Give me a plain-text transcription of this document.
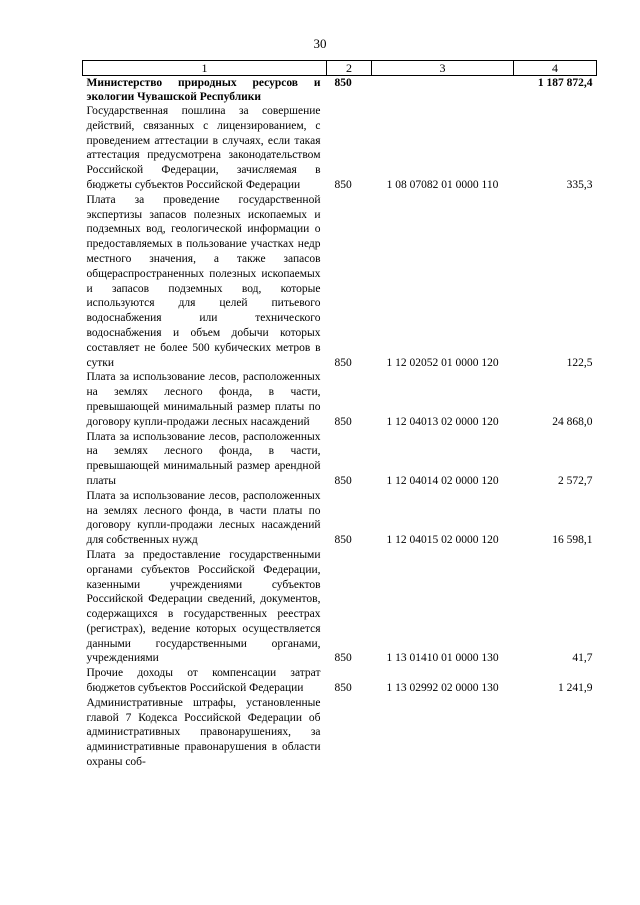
30
1	2	3	4
Министерство природных ресурсов и экологии Чувашской Республики	850		1 187 872,4
Государственная пошлина за совершение действий, связанных с лицензированием, с проведением аттестации в случаях, если такая аттестация предусмотрена законодательством Российской Федерации, зачисляемая в бюджеты субъектов Российской Федерации	850	1 08 07082 01 0000 110	335,3
Плата за проведение государственной экспертизы запасов полезных ископаемых и подземных вод, геологической информации о предоставляемых в пользование участках недр местного значения, а также запасов общераспространенных полезных ископаемых и запасов подземных вод, которые используются для целей питьевого водоснабжения или технического водоснабжения и объем добычи которых составляет не более 500 кубических метров в сутки	850	1 12 02052 01 0000 120	122,5
Плата за использование лесов, расположенных на землях лесного фонда, в части, превышающей минимальный размер платы по договору купли-продажи лесных насаждений	850	1 12 04013 02 0000 120	24 868,0
Плата за использование лесов, расположенных на землях лесного фонда, в части, превышающей минимальный размер арендной платы	850	1 12 04014 02 0000 120	2 572,7
Плата за использование лесов, расположенных на землях лесного фонда, в части платы по договору купли-продажи лесных насаждений для собственных нужд	850	1 12 04015 02 0000 120	16 598,1
Плата за предоставление государственными органами субъектов Российской Федерации, казенными учреждениями субъектов Российской Федерации сведений, документов, содержащихся в государственных реестрах (регистрах), ведение которых осуществляется данными государственными органами, учреждениями	850	1 13 01410 01 0000 130	41,7
Прочие доходы от компенсации затрат бюджетов субъектов Российской Федерации	850	1 13 02992 02 0000 130	1 241,9
Административные штрафы, установленные главой 7 Кодекса Российской Федерации об административных правонарушениях, за административные правонарушения в области охраны соб-			
